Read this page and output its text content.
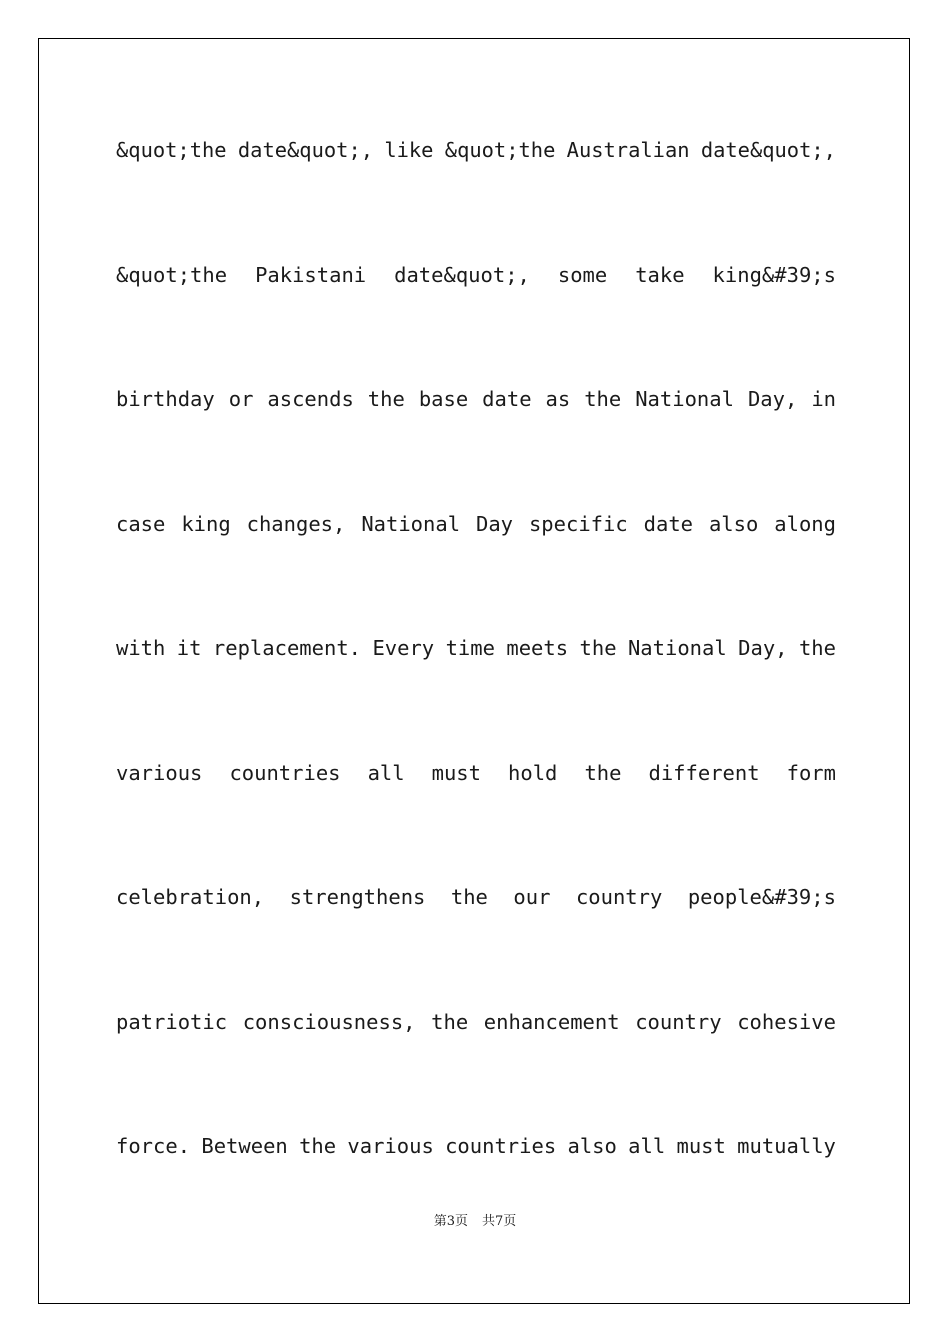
&quot;the date&quot;, like &quot;the Australian date&quot;,
&quot;the Pakistani date&quot;, some take king&#39;s
birthday or ascends the base date as the National Day, in
case king changes, National Day specific date also along
with it replacement. Every time meets the National Day, the
various countries all must hold the different form
celebration, strengthens the our country people&#39;s
patriotic consciousness, the enhancement country cohesive
force. Between the various countries also all must mutually
第3页 共7页
